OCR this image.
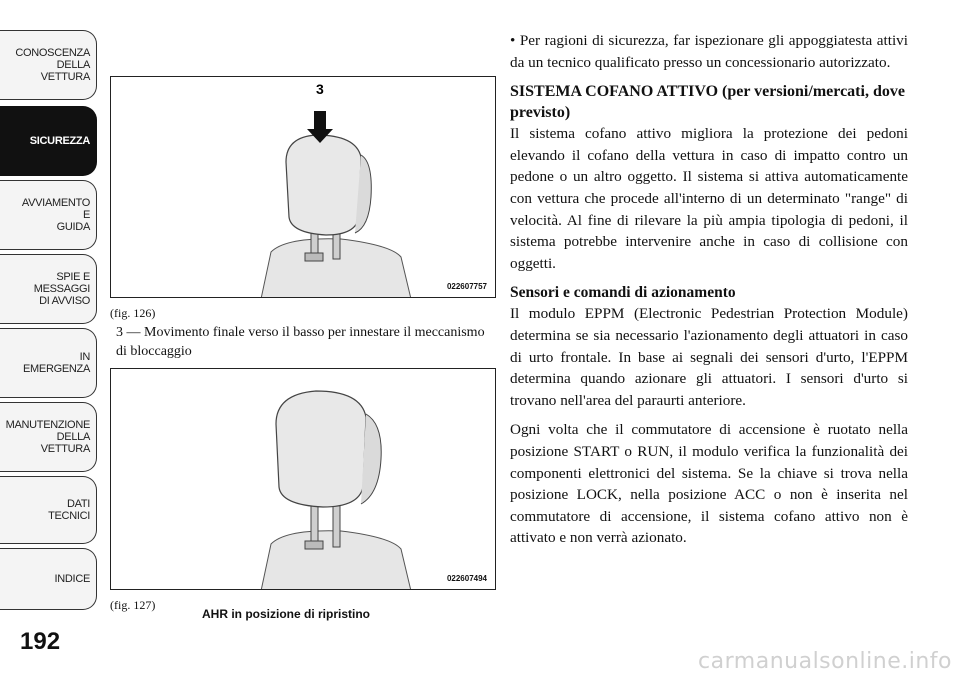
CONOSCENZA
DELLA
VETTURA
SICUREZZA
AVVIAMENTO
E
GUIDA
SPIE E
MESSAGGI
DI AVVISO
IN
EMERGENZA
MANUTENZIONE
DELLA
VETTURA
DATI
TECNICI
INDICE
192
3
022607757
(fig. 126)
3 — Movimento finale verso il basso per innestare il meccanismo di bloccaggio
022607494
(fig. 127)
AHR in posizione di ripristino

• Per ragioni di sicurezza, far ispezionare gli appoggiatesta attivi da un tecnico qualificato presso un concessionario autorizzato.

SISTEMA COFANO ATTIVO (per versioni/mercati, dove previsto)

Il sistema cofano attivo migliora la protezione dei pedoni elevando il cofano della vettura in caso di impatto contro un pedone o un altro oggetto. Il sistema si attiva automaticamente con vettura che procede all'interno di un determinato "range" di velocità. Al fine di rilevare la più ampia tipologia di pedoni, il sistema potrebbe intervenire anche in caso di collisione con oggetti.

Sensori e comandi di azionamento

Il modulo EPPM (Electronic Pedestrian Protection Module) determina se sia necessario l'azionamento degli attuatori in caso di urto frontale. In base ai segnali dei sensori d'urto, l'EPPM determina quando azionare gli attuatori. I sensori d'urto si trovano nell'area del paraurti anteriore.

Ogni volta che il commutatore di accensione è ruotato nella posizione START o RUN, il modulo verifica la funzionalità dei componenti elettronici del sistema. Se la chiave si trova nella posizione LOCK, nella posizione ACC o non è inserita nel commutatore di accensione, il sistema cofano attivo non è attivato e non verrà azionato.

carmanualsonline.info
